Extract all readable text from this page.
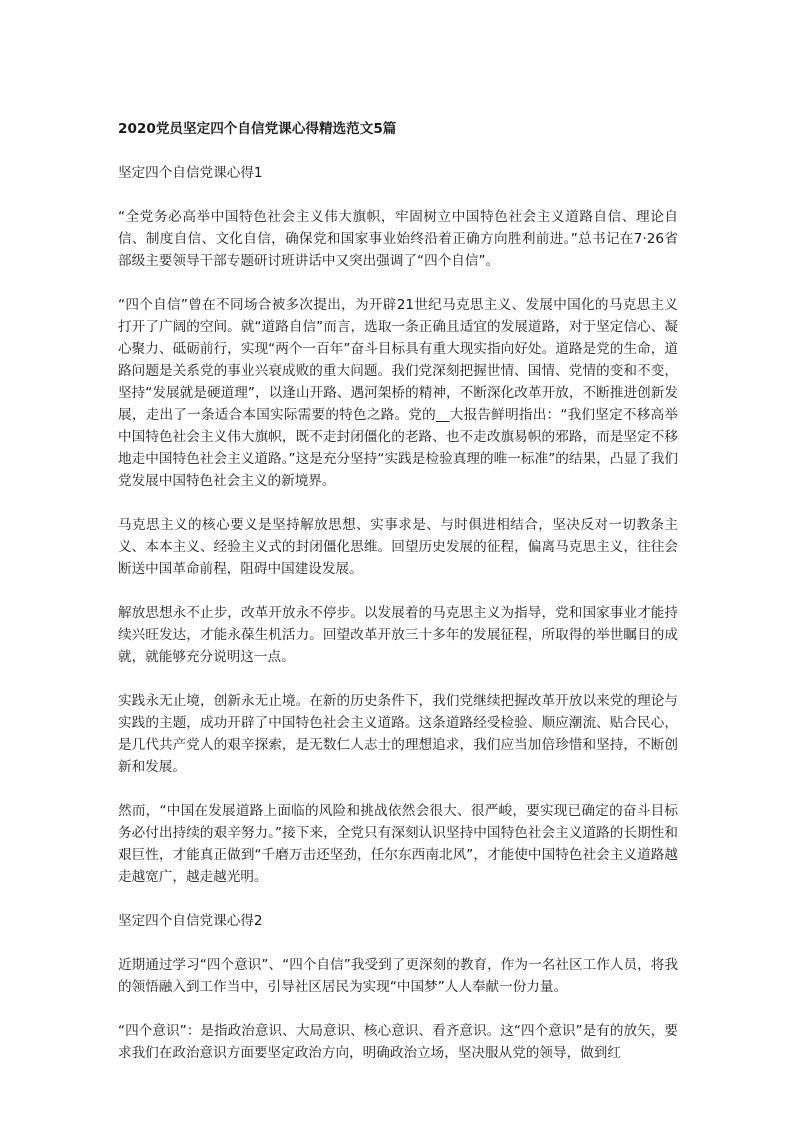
2020党员坚定四个自信党课心得精选范文5篇
坚定四个自信党课心得1

“全党务必高举中国特色社会主义伟大旗帜，牢固树立中国特色社会主义道路自信、理论自信、制度自信、文化自信，确保党和国家事业始终沿着正确方向胜利前进。”总书记在7·26省部级主要领导干部专题研讨班讲话中又突出强调了“四个自信”。

“四个自信”曾在不同场合被多次提出，为开辟21世纪马克思主义、发展中国化的马克思主义打开了广阔的空间。就“道路自信”而言，选取一条正确且适宜的发展道路，对于坚定信心、凝心聚力、砥砺前行，实现“两个一百年”奋斗目标具有重大现实指向好处。道路是党的生命，道路问题是关系党的事业兴衰成败的重大问题。我们党深刻把握世情、国情、党情的变和不变，坚持“发展就是硬道理”，以逢山开路、遇河架桥的精神，不断深化改革开放，不断推进创新发展，走出了一条适合本国实际需要的特色之路。党的__大报告鲜明指出：“我们坚定不移高举中国特色社会主义伟大旗帜，既不走封闭僵化的老路、也不走改旗易帜的邪路，而是坚定不移地走中国特色社会主义道路。”这是充分坚持“实践是检验真理的唯一标准”的结果，凸显了我们党发展中国特色社会主义的新境界。

马克思主义的核心要义是坚持解放思想、实事求是、与时俱进相结合，坚决反对一切教条主义、本本主义、经验主义式的封闭僵化思维。回望历史发展的征程，偏离马克思主义，往往会断送中国革命前程，阻碍中国建设发展。

解放思想永不止步，改革开放永不停步。以发展着的马克思主义为指导，党和国家事业才能持续兴旺发达，才能永葆生机活力。回望改革开放三十多年的发展征程，所取得的举世瞩目的成就，就能够充分说明这一点。

实践永无止境，创新永无止境。在新的历史条件下，我们党继续把握改革开放以来党的理论与实践的主题，成功开辟了中国特色社会主义道路。这条道路经受检验、顺应潮流、贴合民心，是几代共产党人的艰辛探索，是无数仁人志士的理想追求，我们应当加倍珍惜和坚持，不断创新和发展。

然而，“中国在发展道路上面临的风险和挑战依然会很大、很严峻，要实现已确定的奋斗目标务必付出持续的艰辛努力。”接下来，全党只有深刻认识坚持中国特色社会主义道路的长期性和艰巨性，才能真正做到“千磨万击还坚劲，任尔东西南北风”，才能使中国特色社会主义道路越走越宽广，越走越光明。

坚定四个自信党课心得2

近期通过学习“四个意识”、“四个自信”我受到了更深刻的教育，作为一名社区工作人员，将我的领悟融入到工作当中，引导社区居民为实现“中国梦”人人奉献一份力量。

“四个意识”：是指政治意识、大局意识、核心意识、看齐意识。这“四个意识”是有的放矢，要求我们在政治意识方面要坚定政治方向，明确政治立场，坚决服从党的领导，做到红
